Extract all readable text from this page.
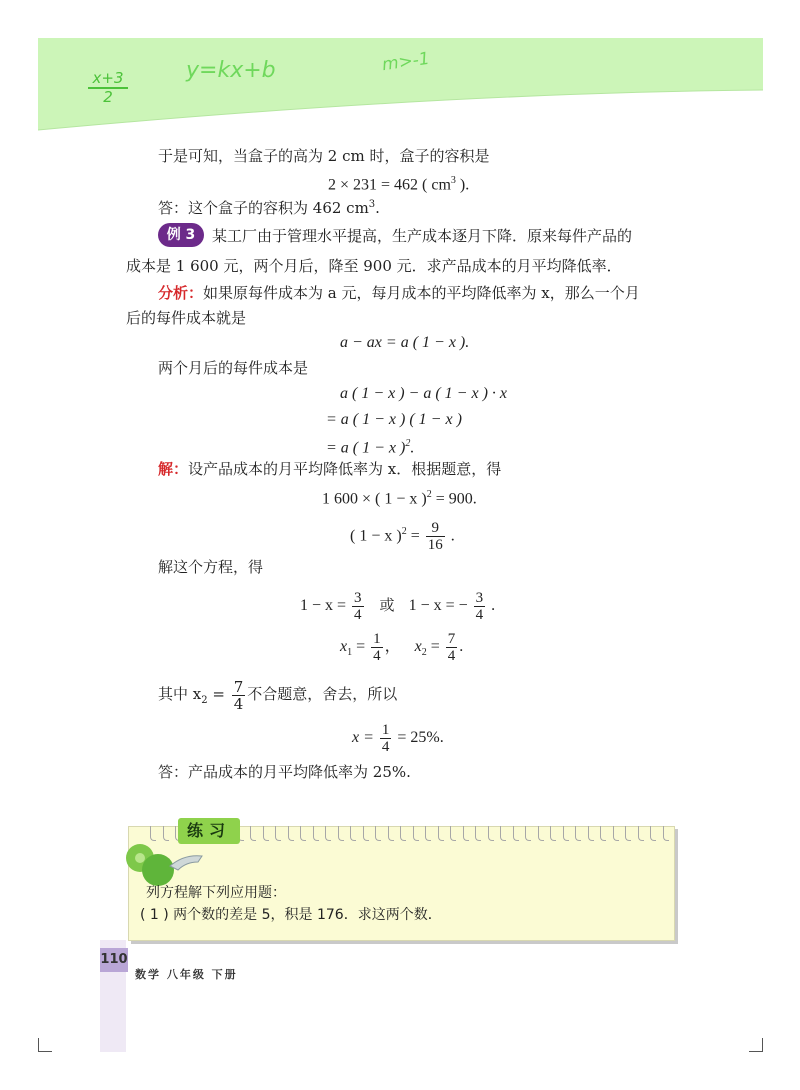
$\frac{x+3}{2}$	y=kx+b	m>-1
于是可知，当盒子的高为 2 cm 时，盒子的容积是
2 × 231 = 462 ( $cm^3$ ).
答：这个盒子的容积为 462 $cm^3$.
例 3	某工厂由于管理水平提高，生产成本逐月下降．原来每件产品的
成本是 1 600 元，两个月后，降至 900 元．求产品成本的月平均降低率．
分析：如果原每件成本为 a 元，每月成本的平均降低率为 x，那么一个月
后的每件成本就是
a − ax = a ( 1 − x ).
两个月后的每件成本是
a ( 1 − x ) − a ( 1 − x ) · x
= a ( 1 − x ) ( 1 − x )
= a ( 1 − x )$^2$.
解：设产品成本的月平均降低率为 x．根据题意，得
1 600 × ( 1 − x )$^2$ = 900.
( 1 − x )$^2 = \frac{9}{16}$ .
解这个方程，得
$1 - x = \frac{3}{4}$ 或 1 − x = − $\frac{3}{4}$ .
$x_1 = \frac{1}{4}$ ， $x_2 = \frac{7}{4}$ .
其中 $x_2 = \frac{7}{4}$ 不合题意，舍去，所以
$x = \frac{1}{4} = 25\%$.
答：产品成本的月平均降低率为 25%.
练习
列方程解下列应用题：
( 1 ) 两个数的差是 5，积是 176．求这两个数．
110
数学 八年级 下册
